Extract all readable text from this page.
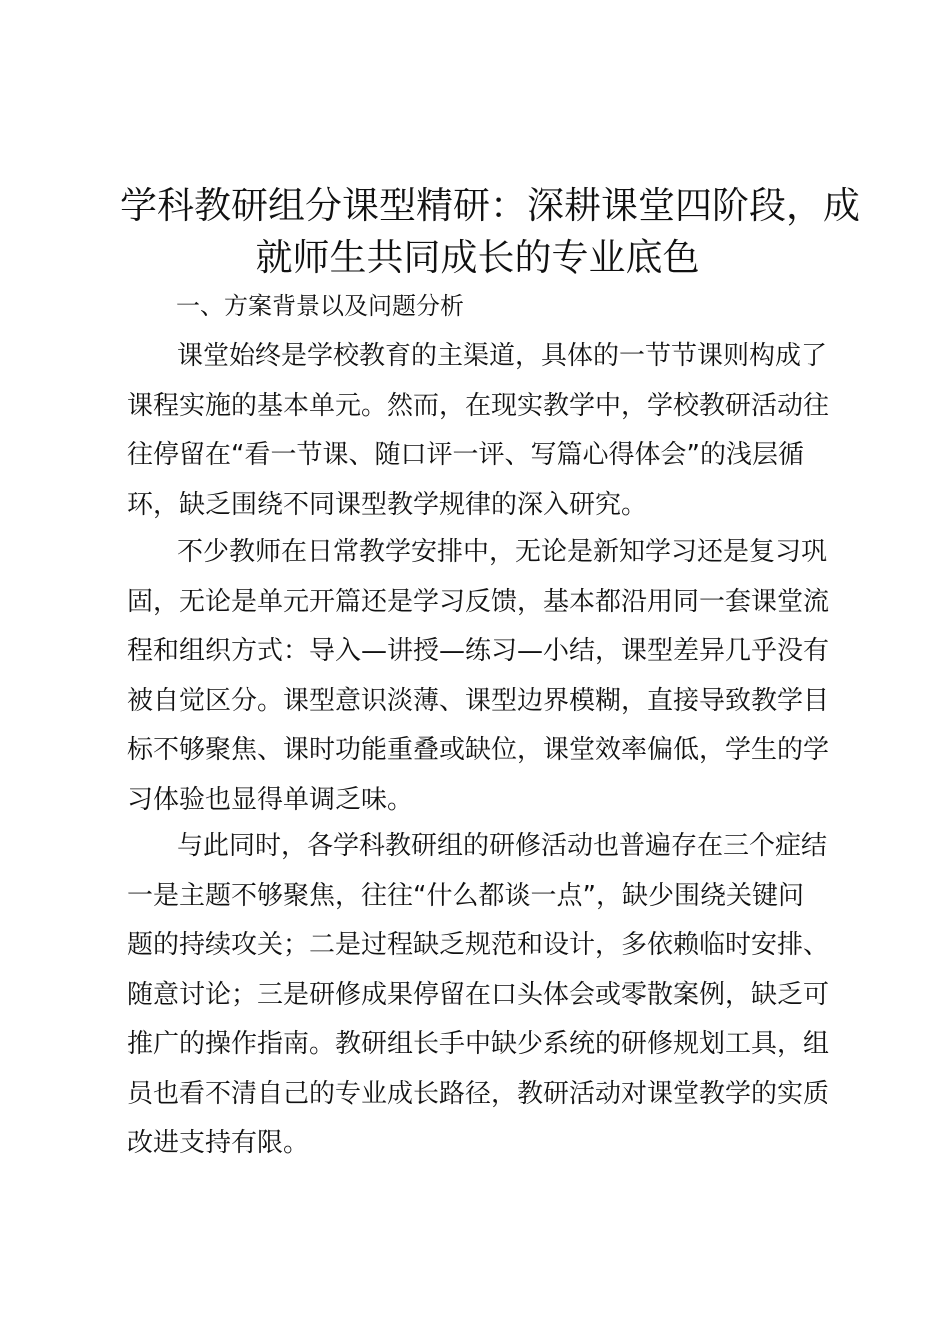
学科教研组分课型精研：深耕课堂四阶段，成
就师生共同成长的专业底色

一、方案背景以及问题分析

课堂始终是学校教育的主渠道，具体的一节节课则构成了
课程实施的基本单元。然而，在现实教学中，学校教研活动往
往停留在“看一节课、随口评一评、写篇心得体会”的浅层循
环，缺乏围绕不同课型教学规律的深入研究。

不少教师在日常教学安排中，无论是新知学习还是复习巩
固，无论是单元开篇还是学习反馈，基本都沿用同一套课堂流
程和组织方式：导入—讲授—练习—小结，课型差异几乎没有
被自觉区分。课型意识淡薄、课型边界模糊，直接导致教学目
标不够聚焦、课时功能重叠或缺位，课堂效率偏低，学生的学
习体验也显得单调乏味。

与此同时，各学科教研组的研修活动也普遍存在三个症结
一是主题不够聚焦，往往“什么都谈一点”，缺少围绕关键问
题的持续攻关；二是过程缺乏规范和设计，多依赖临时安排、
随意讨论；三是研修成果停留在口头体会或零散案例，缺乏可
推广的操作指南。教研组长手中缺少系统的研修规划工具，组
员也看不清自己的专业成长路径，教研活动对课堂教学的实质
改进支持有限。
